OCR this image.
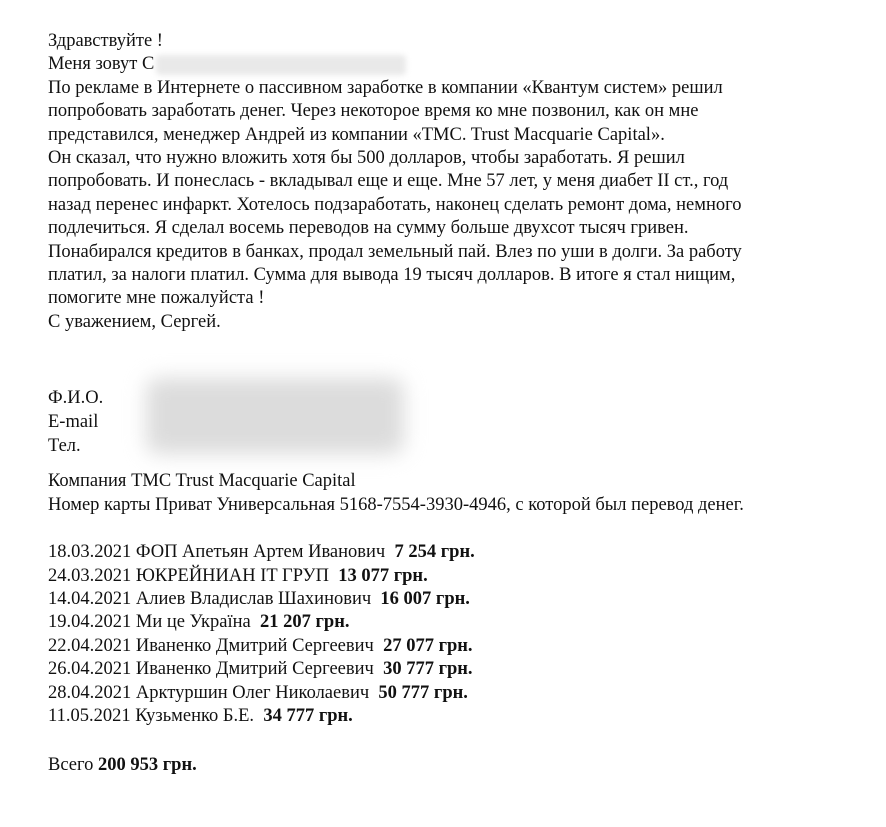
Здравствуйте !
Меня зовут С
По рекламе в Интернете о пассивном заработке в компании «Квантум систем» решил
попробовать заработать денег. Через некоторое время ко мне позвонил, как он мне
представился, менеджер Андрей из компании «TMC. Trust Macquarie Capital».
Он сказал, что нужно вложить хотя бы 500 долларов, чтобы заработать. Я решил
попробовать. И понеслась - вкладывал еще и еще. Мне 57 лет, у меня диабет II ст., год
назад перенес инфаркт. Хотелось подзаработать, наконец сделать ремонт дома, немного
подлечиться. Я сделал восемь переводов на сумму больше двухсот тысяч гривен.
Понабирался кредитов в банках, продал земельный пай. Влез по уши в долги. За работу
платил, за налоги платил. Сумма для вывода 19 тысяч долларов. В итоге я стал нищим,
помогите мне пожалуйста !
С уважением, Сергей.
Ф.И.О.
E-mail
Тел.
Компания TMC Trust Macquarie Capital
Номер карты Приват Универсальная 5168-7554-3930-4946, с которой был перевод денег.
18.03.2021 ФОП Апетьян Артем Иванович 7 254 грн.
24.03.2021 ЮКРЕЙНИАН IT ГРУП 13 077 грн.
14.04.2021 Алиев Владислав Шахинович 16 007 грн.
19.04.2021 Ми це Україна 21 207 грн.
22.04.2021 Иваненко Дмитрий Сергеевич 27 077 грн.
26.04.2021 Иваненко Дмитрий Сергеевич 30 777 грн.
28.04.2021 Арктуршин Олег Николаевич 50 777 грн.
11.05.2021 Кузьменко Б.Е. 34 777 грн.
Всего 200 953 грн.
